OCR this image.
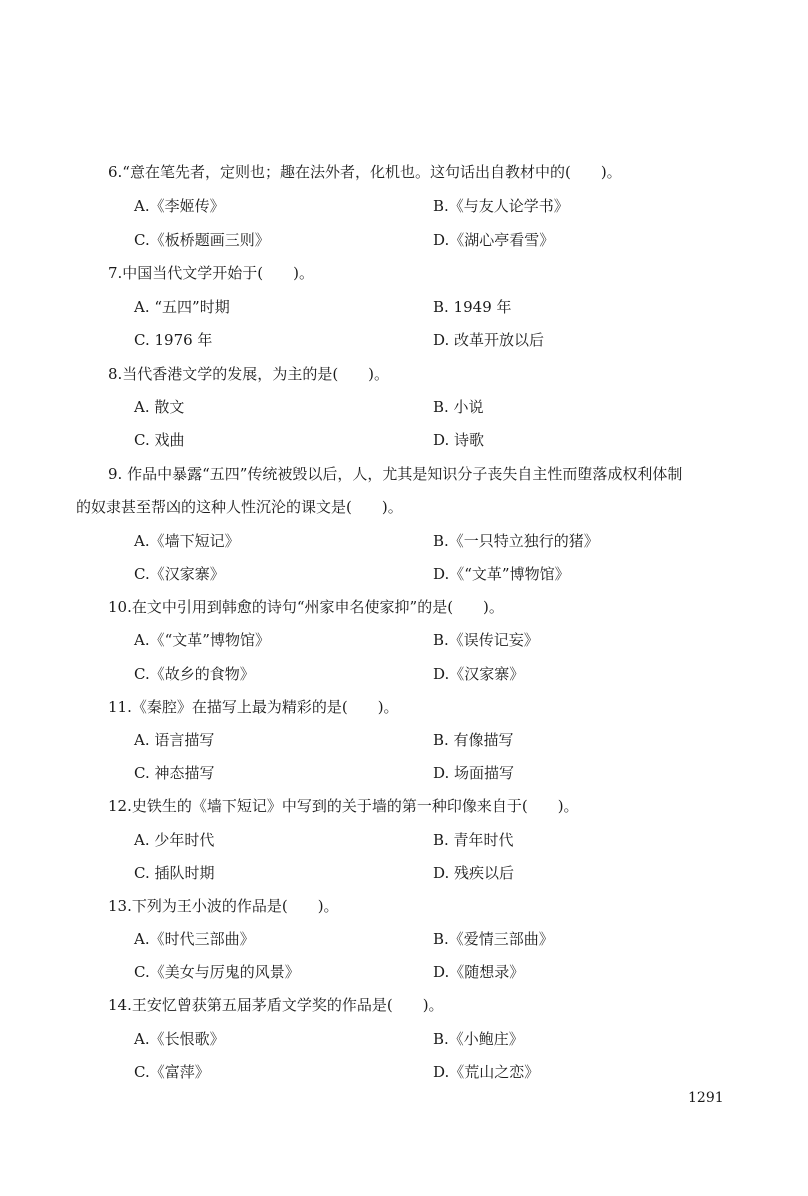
6.“意在笔先者，定则也；趣在法外者，化机也。这句话出自教材中的(　　)。
A.《李姬传》	B.《与友人论学书》
C.《板桥题画三则》	D.《湖心亭看雪》
7.中国当代文学开始于(　　)。
A. “五四”时期	B. 1949 年
C. 1976 年	D. 改革开放以后
8.当代香港文学的发展，为主的是(　　)。
A. 散文	B. 小说
C. 戏曲	D. 诗歌
9. 作品中暴露“五四”传统被毁以后，人，尤其是知识分子丧失自主性而堕落成权利体制
的奴隶甚至帮凶的这种人性沉沦的课文是(　　)。
A.《墙下短记》	B.《一只特立独行的猪》
C.《汉家寨》	D.《“文革”博物馆》
10.在文中引用到韩愈的诗句“州家申名使家抑”的是(　　)。
A.《“文革”博物馆》	B.《误传记妄》
C.《故乡的食物》	D.《汉家寨》
11.《秦腔》在描写上最为精彩的是(　　)。
A. 语言描写	B. 有像描写
C. 神态描写	D. 场面描写
12.史铁生的《墙下短记》中写到的关于墙的第一种印像来自于(　　)。
A. 少年时代	B. 青年时代
C. 插队时期	D. 残疾以后
13.下列为王小波的作品是(　　)。
A.《时代三部曲》	B.《爱情三部曲》
C.《美女与厉鬼的风景》	D.《随想录》
14.王安忆曾获第五届茅盾文学奖的作品是(　　)。
A.《长恨歌》	B.《小鲍庄》
C.《富萍》	D.《荒山之恋》
1291
